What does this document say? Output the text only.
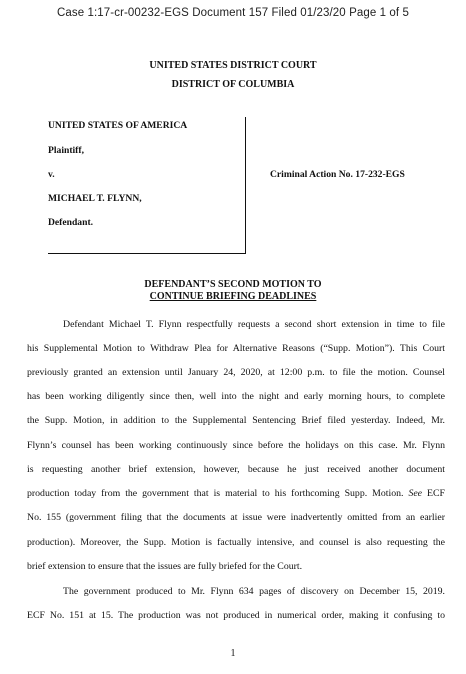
Case 1:17-cr-00232-EGS Document 157 Filed 01/23/20 Page 1 of 5
UNITED STATES DISTRICT COURT
DISTRICT OF COLUMBIA
UNITED STATES OF AMERICA
Plaintiff,
v.
MICHAEL T. FLYNN,
Defendant.
Criminal Action No. 17-232-EGS
DEFENDANT’S SECOND MOTION TO
CONTINUE BRIEFING DEADLINES
Defendant Michael T. Flynn respectfully requests a second short extension in time to file
his Supplemental Motion to Withdraw Plea for Alternative Reasons (“Supp. Motion”). This Court
previously granted an extension until January 24, 2020, at 12:00 p.m. to file the motion. Counsel
has been working diligently since then, well into the night and early morning hours, to complete
the Supp. Motion, in addition to the Supplemental Sentencing Brief filed yesterday. Indeed, Mr.
Flynn’s counsel has been working continuously since before the holidays on this case. Mr. Flynn
is requesting another brief extension, however, because he just received another document
production today from the government that is material to his forthcoming Supp. Motion. See ECF
No. 155 (government filing that the documents at issue were inadvertently omitted from an earlier
production). Moreover, the Supp. Motion is factually intensive, and counsel is also requesting the
brief extension to ensure that the issues are fully briefed for the Court.
The government produced to Mr. Flynn 634 pages of discovery on December 15, 2019.
ECF No. 151 at 15. The production was not produced in numerical order, making it confusing to
1
